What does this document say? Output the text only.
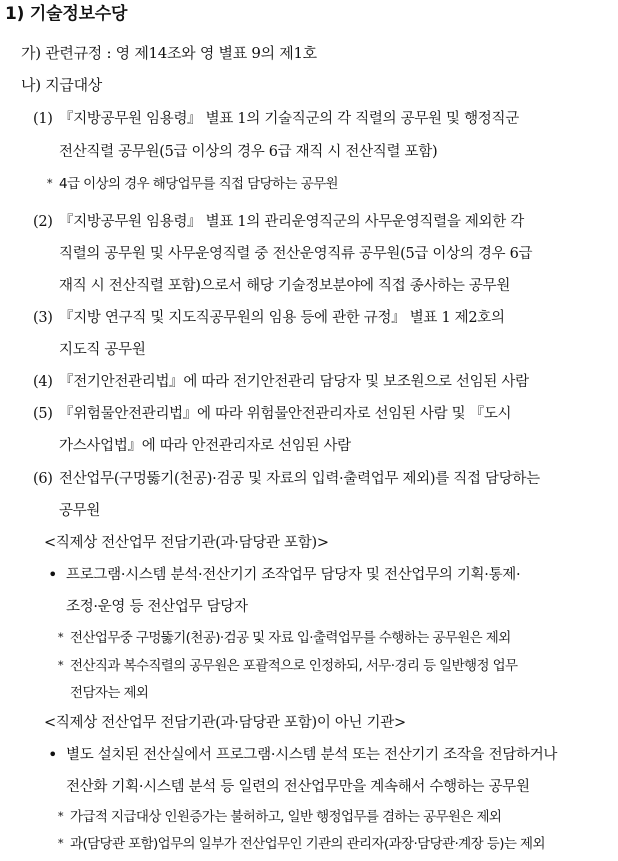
1) 기술정보수당
가) 관련규정 : 영 제14조와 영 별표 9의 제1호
나) 지급대상
(1) 『지방공무원 임용령』 별표 1의 기술직군의 각 직렬의 공무원 및 행정직군
전산직렬 공무원(5급 이상의 경우 6급 재직 시 전산직렬 포함)
* 4급 이상의 경우 해당업무를 직접 담당하는 공무원
(2) 『지방공무원 임용령』 별표 1의 관리운영직군의 사무운영직렬을 제외한 각
직렬의 공무원 및 사무운영직렬 중 전산운영직류 공무원(5급 이상의 경우 6급
재직 시 전산직렬 포함)으로서 해당 기술정보분야에 직접 종사하는 공무원
(3) 『지방 연구직 및 지도직공무원의 임용 등에 관한 규정』 별표 1 제2호의
지도직 공무원
(4) 『전기안전관리법』에 따라 전기안전관리 담당자 및 보조원으로 선임된 사람
(5) 『위험물안전관리법』에 따라 위험물안전관리자로 선임된 사람 및 『도시
가스사업법』에 따라 안전관리자로 선임된 사람
(6) 전산업무(구멍뚫기(천공)·검공 및 자료의 입력·출력업무 제외)를 직접 담당하는
공무원
<직제상 전산업무 전담기관(과·담당관 포함)>
• 프로그램·시스템 분석·전산기기 조작업무 담당자 및 전산업무의 기획·통제·
조정·운영 등 전산업무 담당자
* 전산업무중 구멍뚫기(천공)·검공 및 자료 입·출력업무를 수행하는 공무원은 제외
* 전산직과 복수직렬의 공무원은 포괄적으로 인정하되, 서무·경리 등 일반행정 업무
전담자는 제외
<직제상 전산업무 전담기관(과·담당관 포함)이 아닌 기관>
• 별도 설치된 전산실에서 프로그램·시스템 분석 또는 전산기기 조작을 전담하거나
전산화 기획·시스템 분석 등 일련의 전산업무만을 계속해서 수행하는 공무원
* 가급적 지급대상 인원증가는 불허하고, 일반 행정업무를 겸하는 공무원은 제외
* 과(담당관 포함)업무의 일부가 전산업무인 기관의 관리자(과장·담당관·계장 등)는 제외
